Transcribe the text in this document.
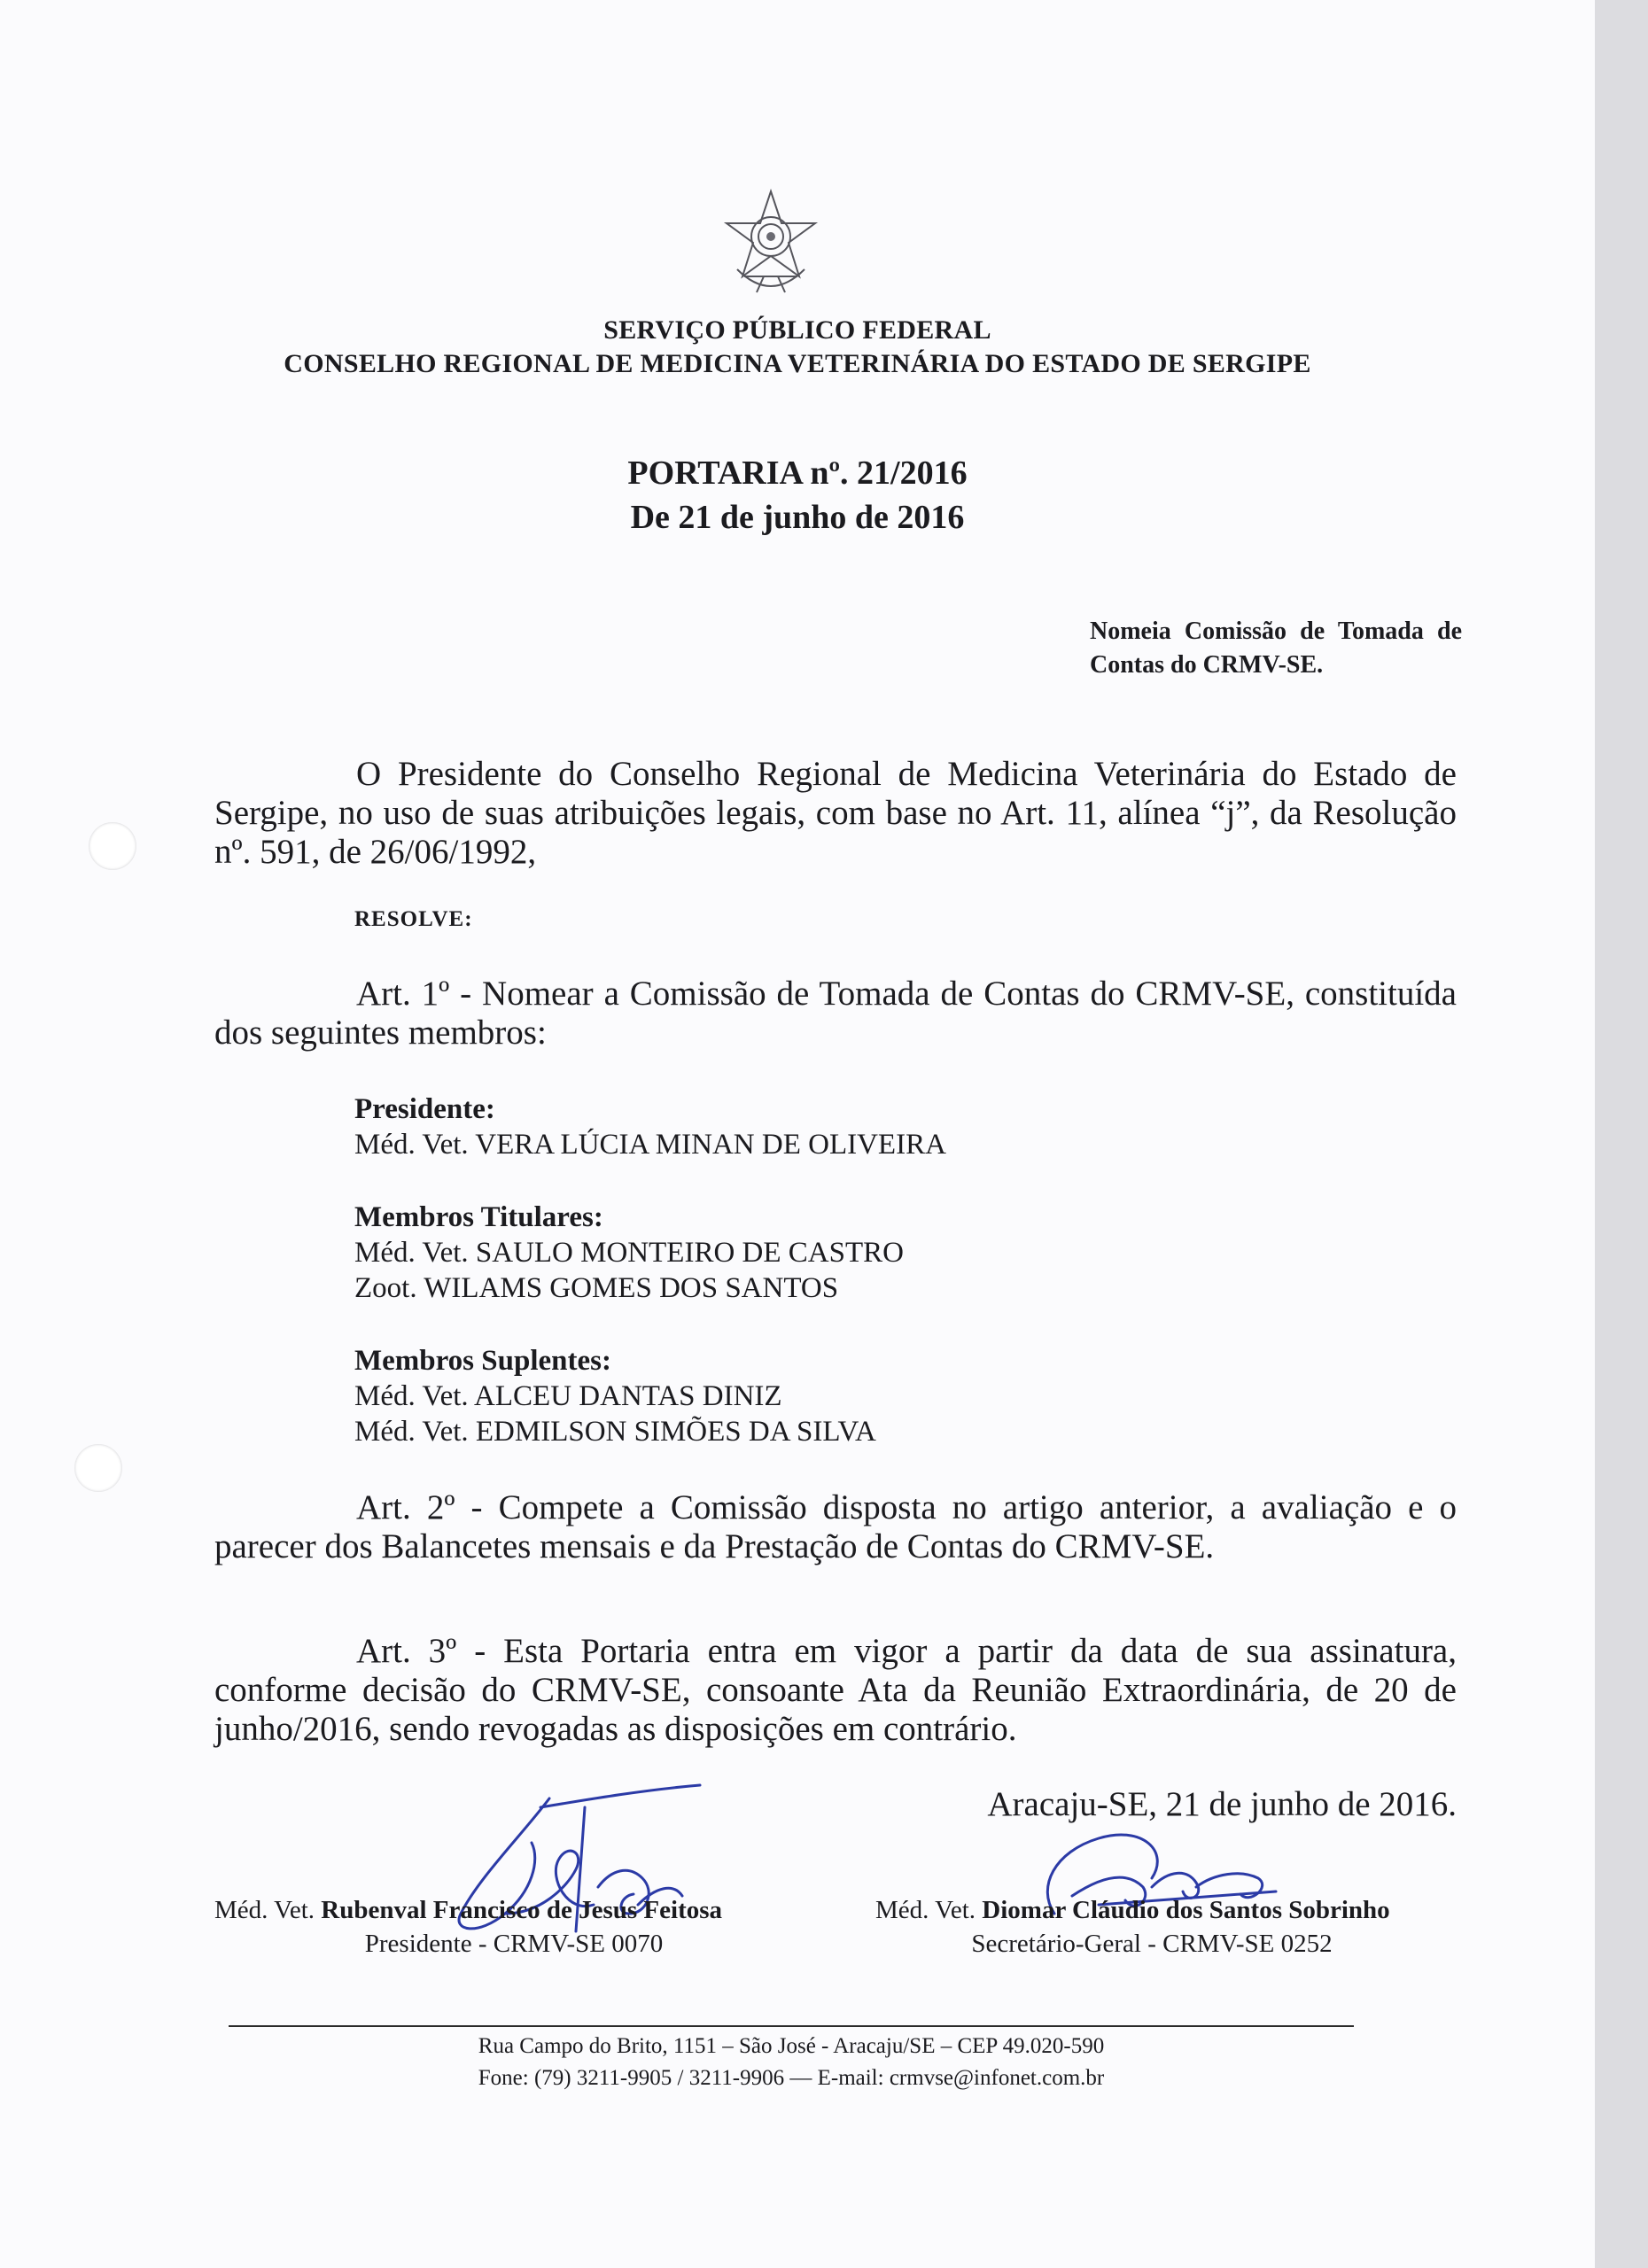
SERVIÇO PÚBLICO FEDERAL
CONSELHO REGIONAL DE MEDICINA VETERINÁRIA DO ESTADO DE SERGIPE
PORTARIA nº. 21/2016
De 21 de junho de 2016
Nomeia Comissão de Tomada de Contas do CRMV-SE.
O Presidente do Conselho Regional de Medicina Veterinária do Estado de Sergipe, no uso de suas atribuições legais, com base no Art. 11, alínea “j”, da Resolução nº. 591, de 26/06/1992,
RESOLVE:
Art. 1º - Nomear a Comissão de Tomada de Contas do CRMV-SE, constituída dos seguintes membros:
Presidente:
Méd. Vet. VERA LÚCIA MINAN DE OLIVEIRA
Membros Titulares:
Méd. Vet. SAULO MONTEIRO DE CASTRO
Zoot. WILAMS GOMES DOS SANTOS
Membros Suplentes:
Méd. Vet. ALCEU DANTAS DINIZ
Méd. Vet. EDMILSON SIMÕES DA SILVA
Art. 2º - Compete a Comissão disposta no artigo anterior, a avaliação e o parecer dos Balancetes mensais e da Prestação de Contas do CRMV-SE.
Art. 3º - Esta Portaria entra em vigor a partir da data de sua assinatura, conforme decisão do CRMV-SE, consoante Ata da Reunião Extraordinária, de 20 de junho/2016, sendo revogadas as disposições em contrário.
Aracaju-SE, 21 de junho de 2016.
Méd. Vet. Rubenval Francisco de Jesus Feitosa
Presidente - CRMV-SE 0070
Méd. Vet. Diomar Cláudio dos Santos Sobrinho
Secretário-Geral - CRMV-SE 0252
Rua Campo do Brito, 1151 – São José - Aracaju/SE – CEP 49.020-590
Fone: (79) 3211-9905 / 3211-9906 — E-mail: crmvse@infonet.com.br
